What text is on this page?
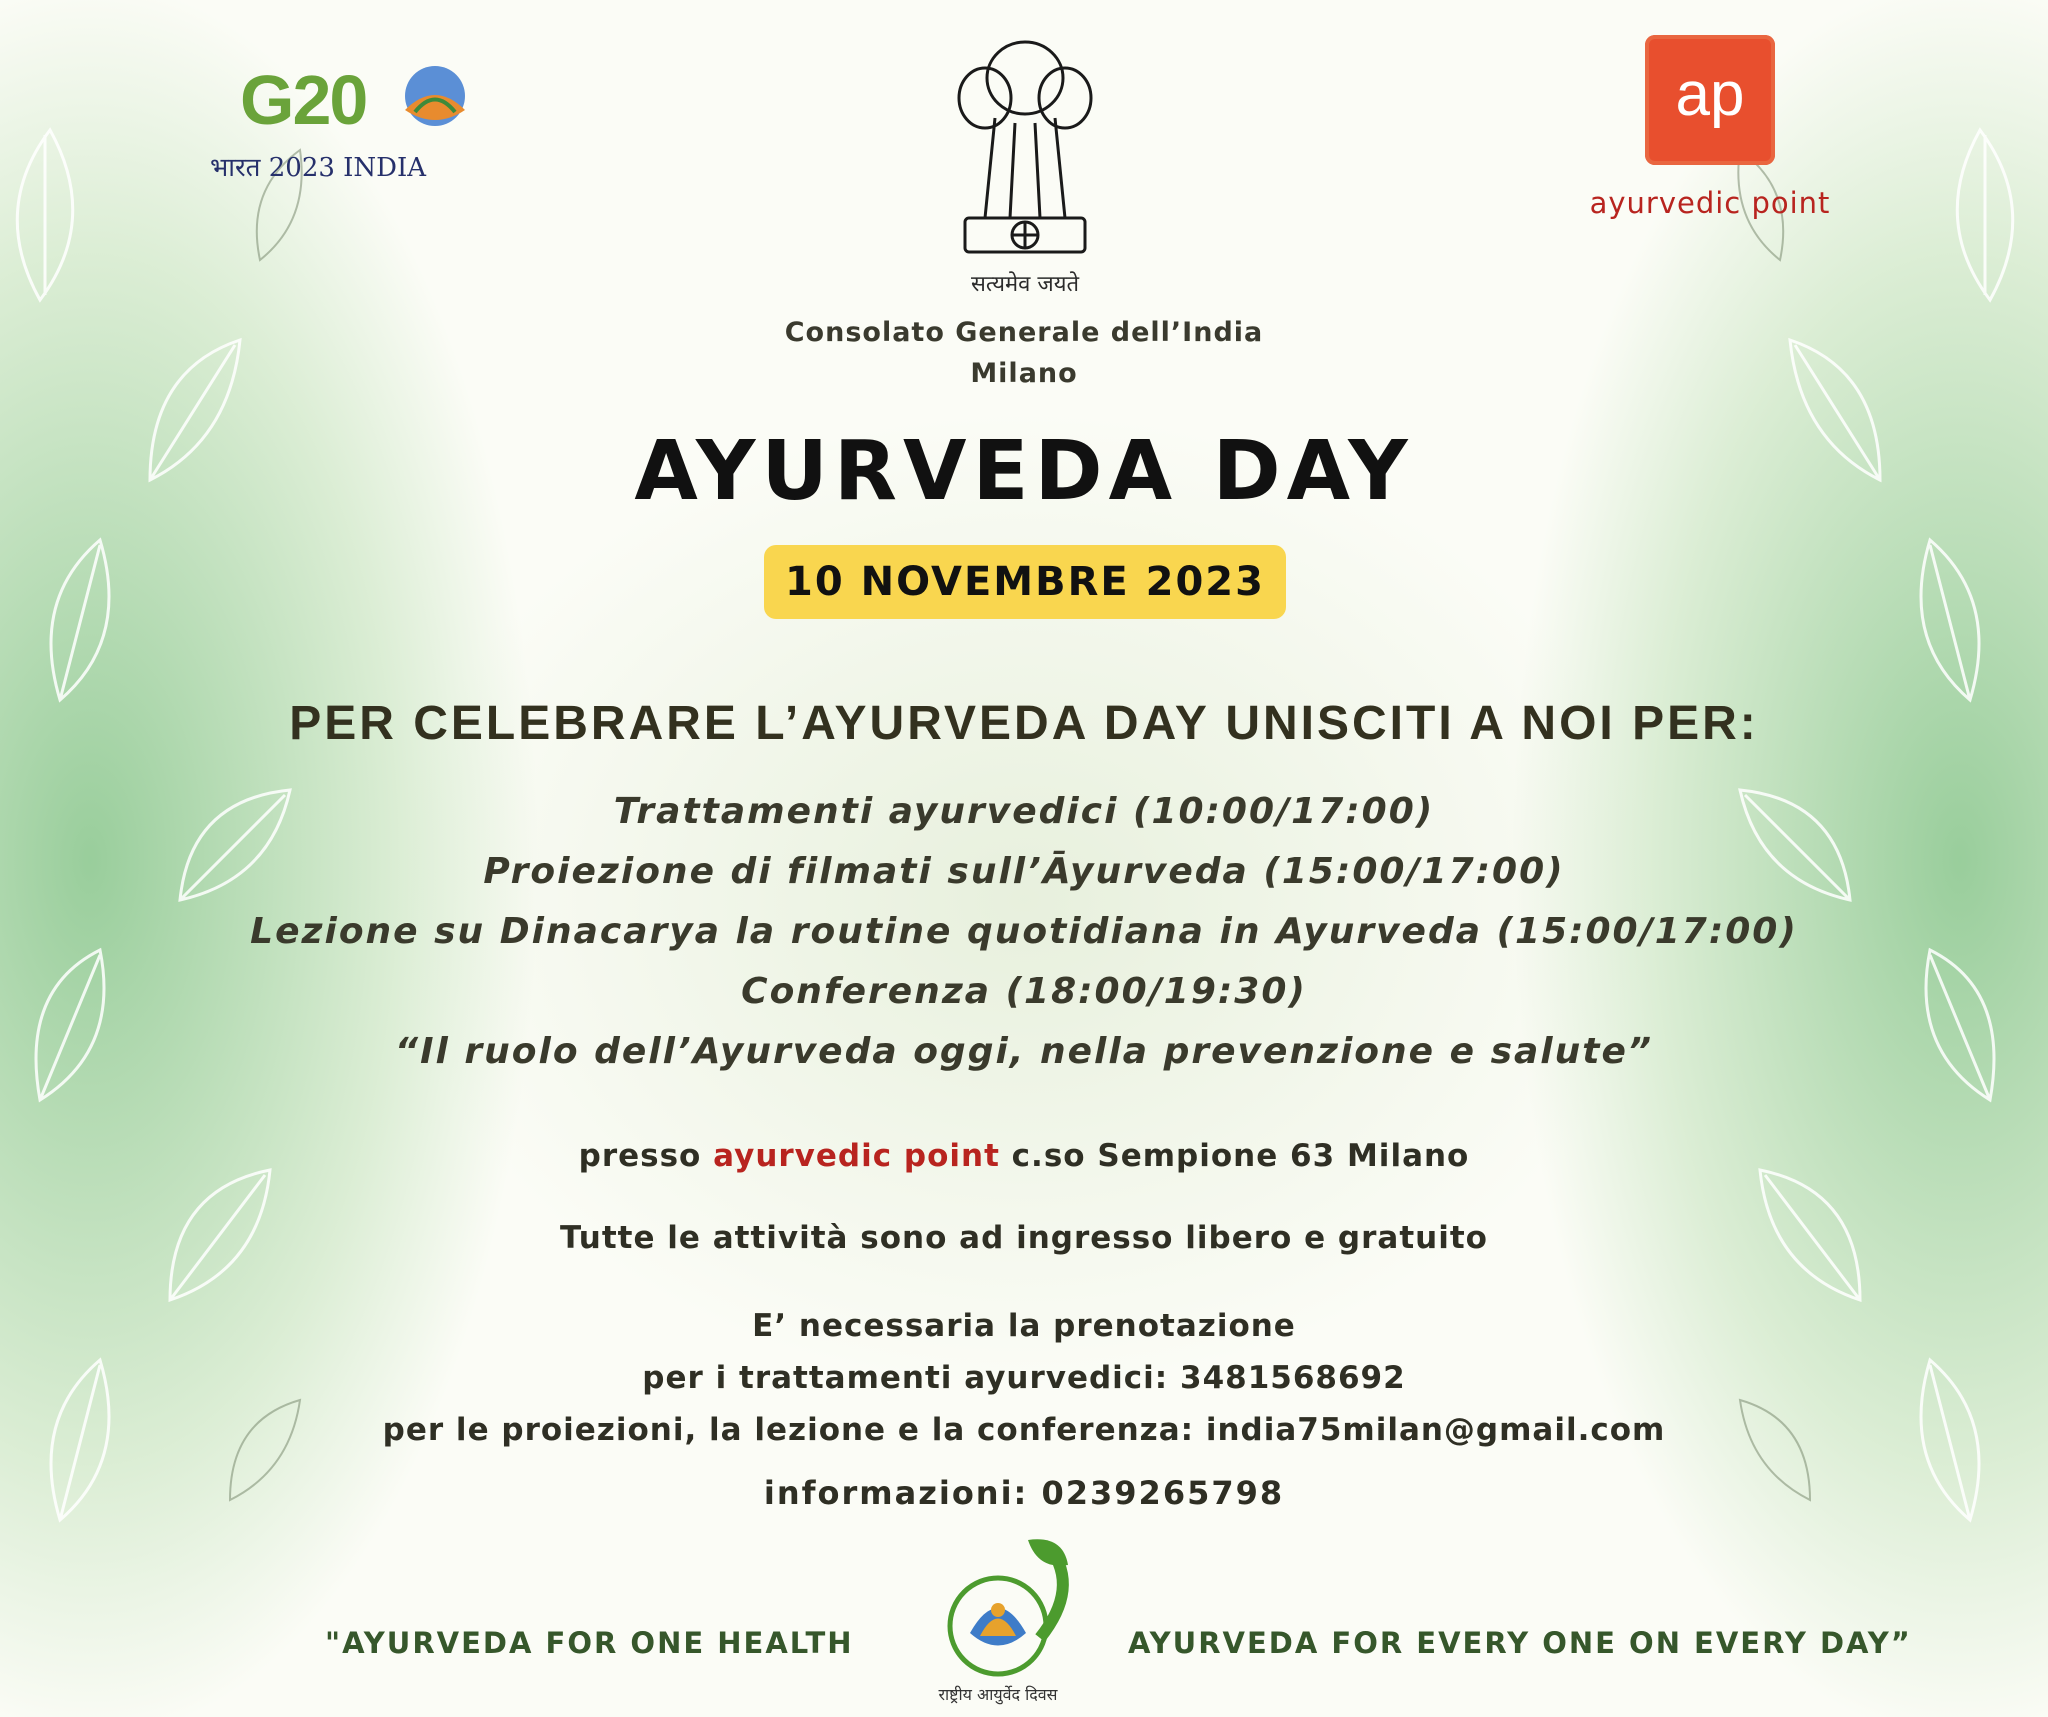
G20
भारत 2023 INDIA
सत्यमेव जयते
ap
ayurvedic point
Consolato Generale dell’India
Milano
AYURVEDA DAY
10 NOVEMBRE 2023
PER CELEBRARE L’AYURVEDA DAY UNISCITI A NOI PER:
Trattamenti ayurvedici (10:00/17:00)
Proiezione di filmati sull’Āyurveda (15:00/17:00)
Lezione su Dinacarya la routine quotidiana in Ayurveda (15:00/17:00)
Conferenza (18:00/19:30)
“Il ruolo dell’Ayurveda oggi, nella prevenzione e salute”
presso ayurvedic point c.so Sempione 63 Milano
Tutte le attività sono ad ingresso libero e gratuito
E’ necessaria la prenotazione
per i trattamenti ayurvedici: 3481568692
per le proiezioni, la lezione e la conferenza: india75milan@gmail.com
informazioni: 0239265798
राष्ट्रीय आयुर्वेद दिवस
"AYURVEDA FOR ONE HEALTH	AYURVEDA FOR EVERY ONE ON EVERY DAY”
